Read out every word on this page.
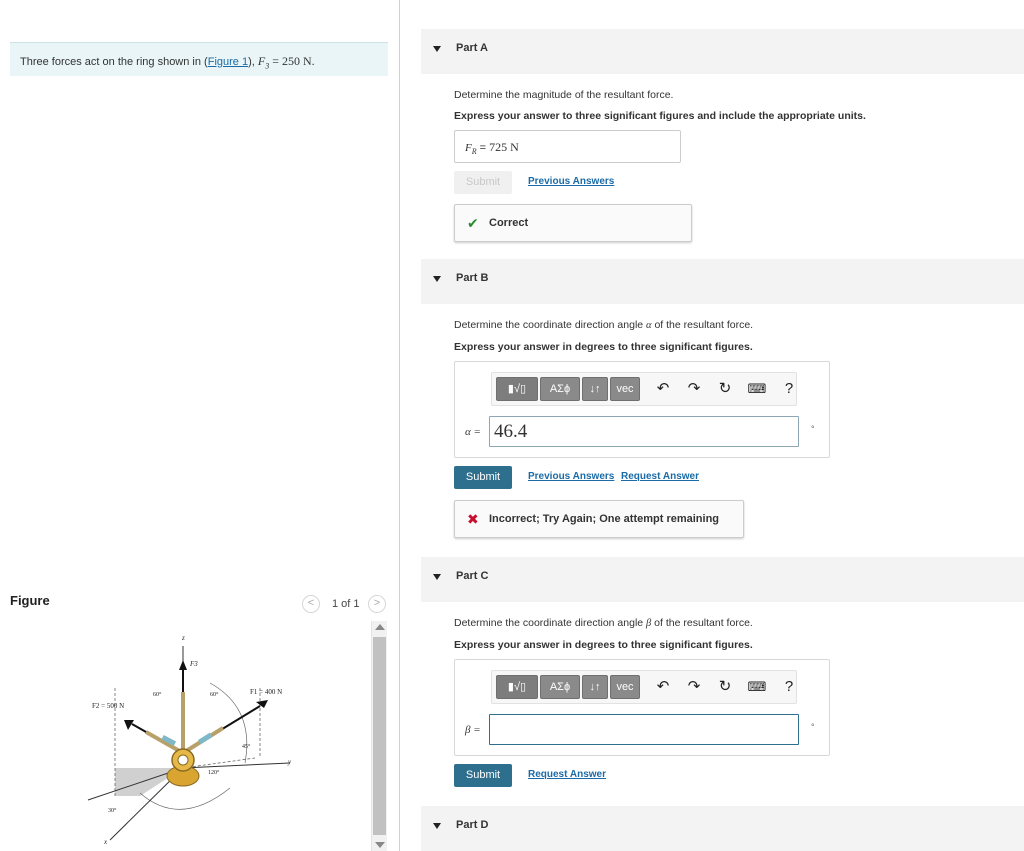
Three forces act on the ring shown in (Figure 1), $F_3 = 250$ N.
Figure	<	1 of 1	>
z
F3
F1 = 400 N
F2 = 500 N
60°	60°
45°
120°
y
30°
x
Part A
Determine the magnitude of the resultant force.
Express your answer to three significant figures and include the appropriate units.
$F_R = 725$ N
Submit	Previous Answers
✔ Correct
Part B
Determine the coordinate direction angle α of the resultant force.
Express your answer in degrees to three significant figures.
▮√▯	ΑΣϕ	↓↑	vec	↶	↷	↻	⌨	?
α = 46.4	°
Submit	Previous Answers Request Answer
✖ Incorrect; Try Again; One attempt remaining
Part C
Determine the coordinate direction angle β of the resultant force.
Express your answer in degrees to three significant figures.
▮√▯	ΑΣϕ	↓↑	vec	↶	↷	↻	⌨	?
β =	°
Submit	Request Answer
Part D
